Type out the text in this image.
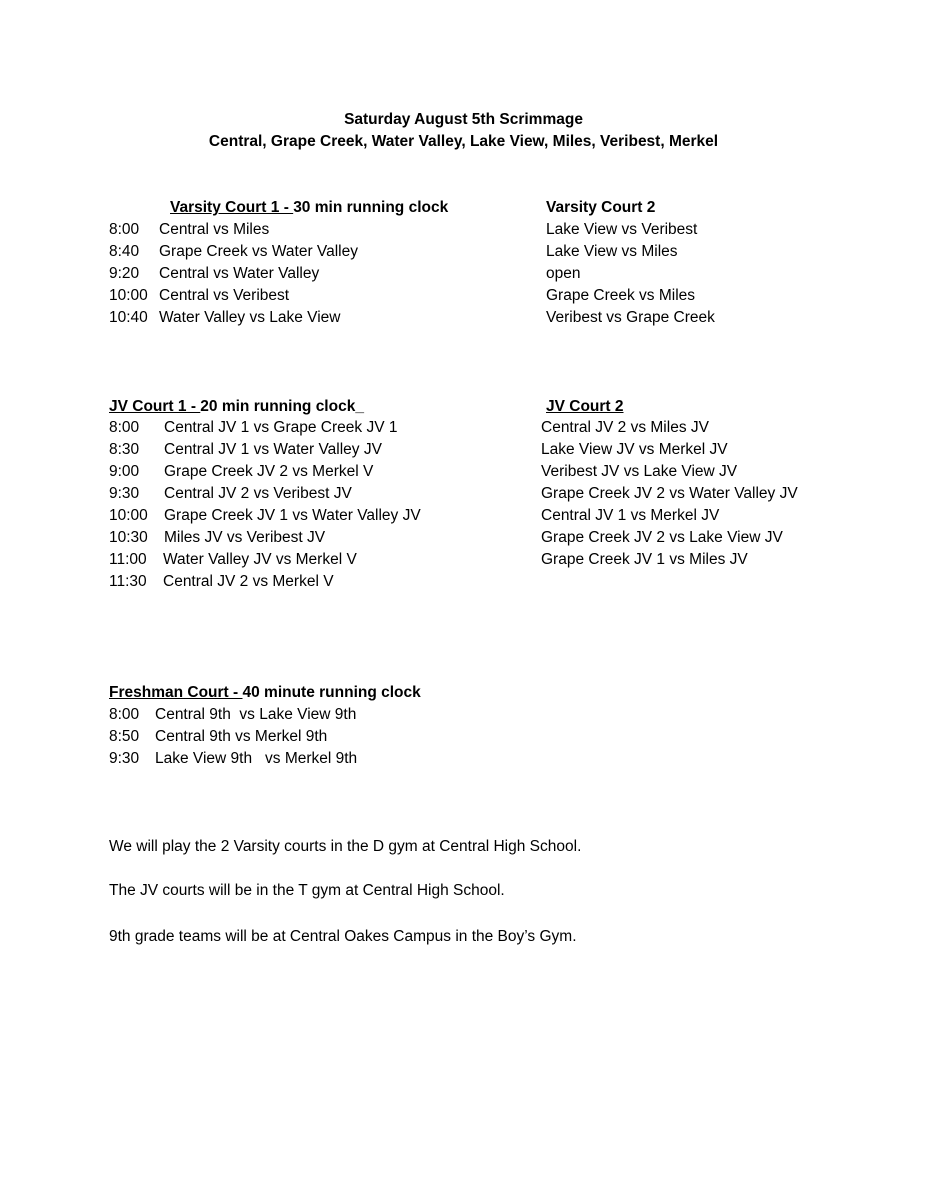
Saturday August 5th Scrimmage
Central, Grape Creek, Water Valley, Lake View, Miles, Veribest, Merkel
Varsity Court 1 - 30 min running clock	Varsity Court 2
8:00 Central vs Miles
8:40 Grape Creek vs Water Valley
9:20 Central vs Water Valley
10:00 Central vs Veribest
10:40 Water Valley vs Lake View
Lake View vs Veribest
Lake View vs Miles
open
Grape Creek vs Miles
Veribest vs Grape Creek
JV Court 1 - 20 min running clock_	JV Court 2
8:00 Central JV 1 vs Grape Creek JV 1
8:30 Central JV 1 vs Water Valley JV
9:00 Grape Creek JV 2 vs Merkel V
9:30 Central JV 2 vs Veribest JV
10:00 Grape Creek JV 1 vs Water Valley JV
10:30 Miles JV vs Veribest JV
11:00 Water Valley JV vs Merkel V
11:30 Central JV 2 vs Merkel V
Central JV 2 vs Miles JV
Lake View JV vs Merkel JV
Veribest JV vs Lake View JV
Grape Creek JV 2 vs Water Valley JV
Central JV 1 vs Merkel JV
Grape Creek JV 2 vs Lake View JV
Grape Creek JV 1 vs Miles JV
Freshman Court - 40 minute running clock
8:00 Central 9th  vs Lake View 9th
8:50 Central 9th vs Merkel 9th
9:30 Lake View 9th   vs Merkel 9th
We will play the 2 Varsity courts in the D gym at Central High School.
The JV courts will be in the T gym at Central High School.
9th grade teams will be at Central Oakes Campus in the Boy’s Gym.
